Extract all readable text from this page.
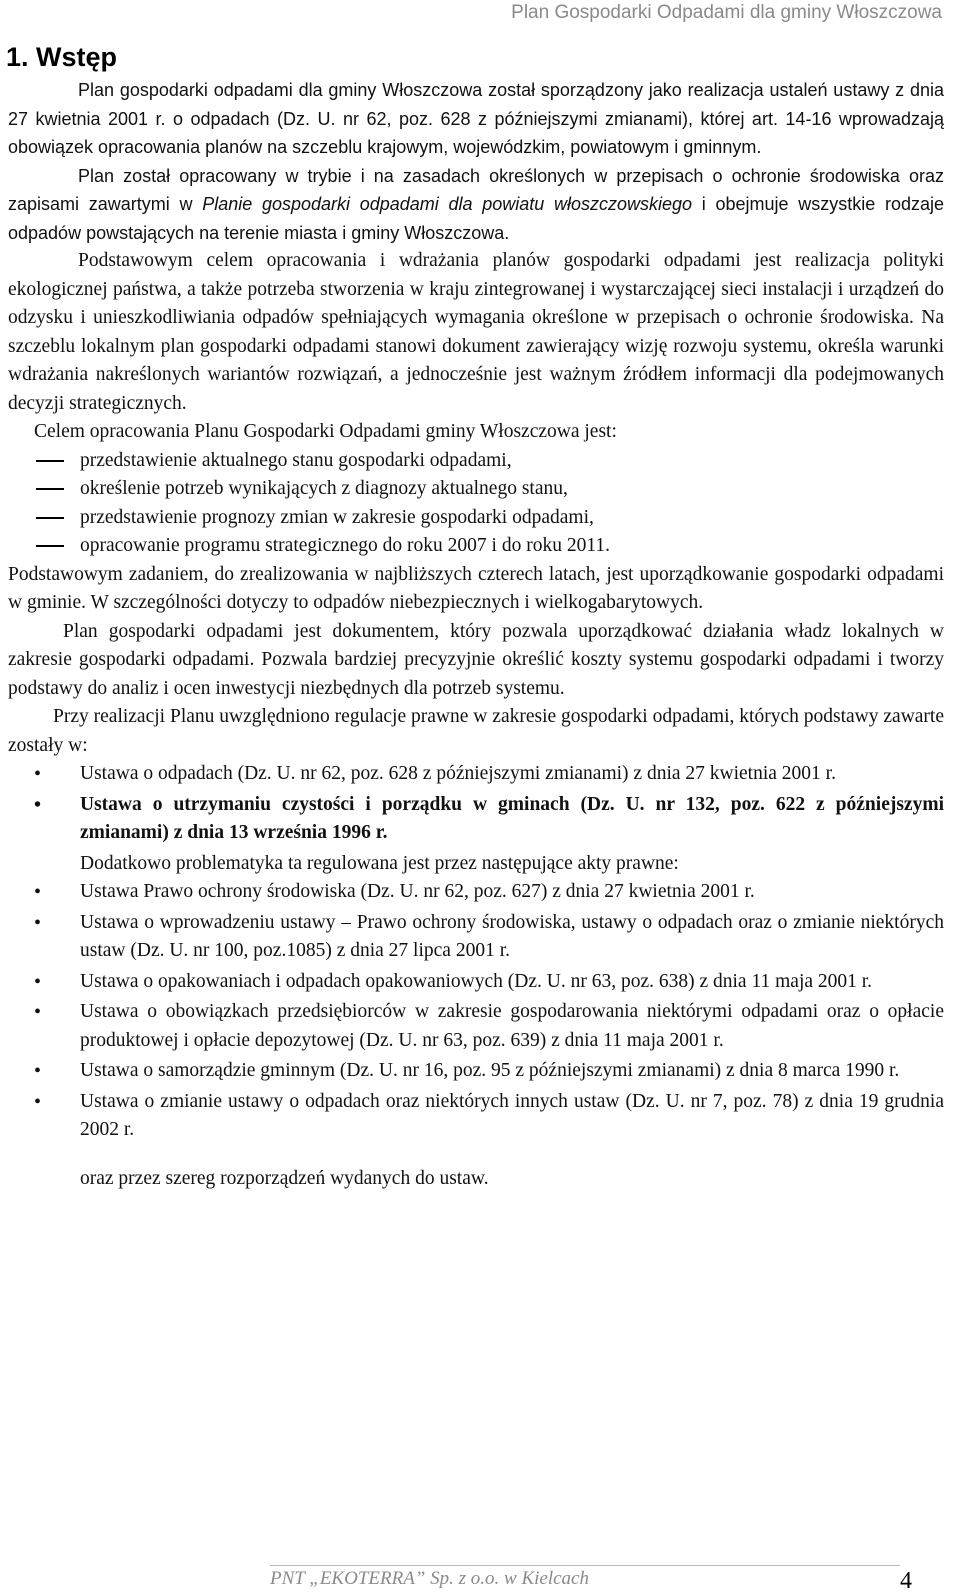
Plan Gospodarki Odpadami dla gminy Włoszczowa
1. Wstęp

Plan gospodarki odpadami dla gminy Włoszczowa został sporządzony jako realizacja ustaleń ustawy z dnia 27 kwietnia 2001 r. o odpadach (Dz. U. nr 62, poz. 628 z późniejszymi zmianami), której art. 14-16 wprowadzają obowiązek opracowania planów na szczeblu krajowym, wojewódzkim, powiatowym i gminnym.

Plan został opracowany w trybie i na zasadach określonych w przepisach o ochronie środowiska oraz zapisami zawartymi w Planie gospodarki odpadami dla powiatu włoszczowskiego i obejmuje wszystkie rodzaje odpadów powstających na terenie miasta i gminy Włoszczowa.

Podstawowym celem opracowania i wdrażania planów gospodarki odpadami jest realizacja polityki ekologicznej państwa, a także potrzeba stworzenia w kraju zintegrowanej i wystarczającej sieci instalacji i urządzeń do odzysku i unieszkodliwiania odpadów spełniających wymagania określone w przepisach o ochronie środowiska. Na szczeblu lokalnym plan gospodarki odpadami stanowi dokument zawierający wizję rozwoju systemu, określa warunki wdrażania nakreślonych wariantów rozwiązań, a jednocześnie jest ważnym źródłem informacji dla podejmowanych decyzji strategicznych.

Celem opracowania Planu Gospodarki Odpadami gminy Włoszczowa jest:

przedstawienie aktualnego stanu gospodarki odpadami,
określenie potrzeb wynikających z diagnozy aktualnego stanu,
przedstawienie prognozy zmian w zakresie gospodarki odpadami,
opracowanie programu strategicznego do roku 2007 i do roku 2011.

Podstawowym zadaniem, do zrealizowania w najbliższych czterech latach, jest uporządkowanie gospodarki odpadami w gminie. W szczególności dotyczy to odpadów niebezpiecznych i wielkogabarytowych.

Plan gospodarki odpadami jest dokumentem, który pozwala uporządkować działania władz lokalnych w zakresie gospodarki odpadami. Pozwala bardziej precyzyjnie określić koszty systemu gospodarki odpadami i tworzy podstawy do analiz i ocen inwestycji niezbędnych dla potrzeb systemu.

Przy realizacji Planu uwzględniono regulacje prawne w zakresie gospodarki odpadami, których podstawy zawarte zostały w:

• Ustawa o odpadach (Dz. U. nr 62, poz. 628 z późniejszymi zmianami) z dnia 27 kwietnia 2001 r.
• Ustawa o utrzymaniu czystości i porządku w gminach (Dz. U. nr 132, poz. 622 z późniejszymi zmianami) z dnia 13 września 1996 r.

Dodatkowo problematyka ta regulowana jest przez następujące akty prawne:

• Ustawa Prawo ochrony środowiska (Dz. U. nr 62, poz. 627) z dnia 27 kwietnia 2001 r.
• Ustawa o wprowadzeniu ustawy – Prawo ochrony środowiska, ustawy o odpadach oraz o zmianie niektórych ustaw (Dz. U. nr 100, poz.1085) z dnia 27 lipca 2001 r.
• Ustawa o opakowaniach i odpadach opakowaniowych (Dz. U. nr 63, poz. 638) z dnia 11 maja 2001 r.
• Ustawa o obowiązkach przedsiębiorców w zakresie gospodarowania niektórymi odpadami oraz o opłacie produktowej i opłacie depozytowej (Dz. U. nr 63, poz. 639) z dnia 11 maja 2001 r.
• Ustawa o samorządzie gminnym (Dz. U. nr 16, poz. 95 z późniejszymi zmianami) z dnia 8 marca 1990 r.
• Ustawa o zmianie ustawy o odpadach oraz niektórych innych ustaw (Dz. U. nr 7, poz. 78) z dnia 19 grudnia 2002 r.

oraz przez szereg rozporządzeń wydanych do ustaw.

PNT „EKOTERRA” Sp. z o.o. w Kielcach	4
